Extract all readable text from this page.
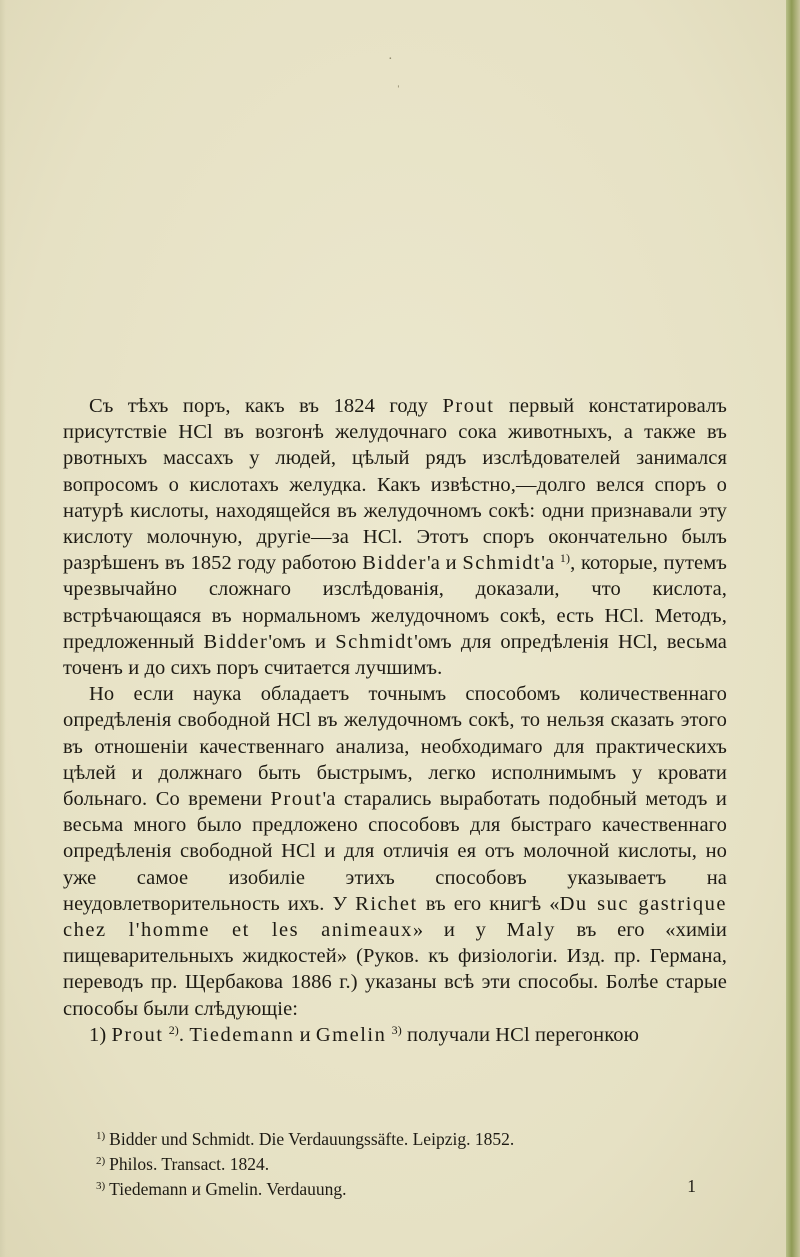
·
ˈ

Съ тѣхъ поръ, какъ въ 1824 году Prout первый констатировалъ присутствіе HCl въ возгонѣ желудочнаго сока животныхъ, а также въ рвотныхъ массахъ у людей, цѣлый рядъ изслѣдователей занимался вопросомъ о кислотахъ желудка. Какъ извѣстно,—долго велся споръ о натурѣ кислоты, находящейся въ желудочномъ сокѣ: одни признавали эту кислоту молочную, другіе—за HCl. Этотъ споръ окончательно былъ разрѣшенъ въ 1852 году работою Bidder'а и Schmidt'а $^{1)}$, которые, путемъ чрезвычайно сложнаго изслѣдованія, доказали, что кислота, встрѣчающаяся въ нормальномъ желудочномъ сокѣ, есть HCl. Методъ, предложенный Bidder'омъ и Schmidt'омъ для опредѣленія HCl, весьма точенъ и до сихъ поръ считается лучшимъ.

Но если наука обладаетъ точнымъ способомъ количественнаго опредѣленія свободной HCl въ желудочномъ сокѣ, то нельзя сказать этого въ отношеніи качественнаго анализа, необходимаго для практическихъ цѣлей и должнаго быть быстрымъ, легко исполнимымъ у кровати больнаго. Со времени Prout'а старались выработать подобный методъ и весьма много было предложено способовъ для быстраго качественнаго опредѣленія свободной HCl и для отличія ея отъ молочной кислоты, но уже самое изобиліе этихъ способовъ указываетъ на неудовлетворительность ихъ. У Richet въ его книгѣ «Du suc gastrique chez l'homme et les animeaux» и у Maly въ его «химіи пищеварительныхъ жидкостей» (Руков. къ физіологіи. Изд. пр. Германа, переводъ пр. Щербакова 1886 г.) указаны всѣ эти способы. Болѣе старые способы были слѣдующіе:

1) Prout $^{2)}$. Tiedemann и Gmelin $^{3)}$ получали HCl перегонкою

$^{1)}$ Bidder und Schmidt. Die Verdauungssäfte. Leipzig. 1852.
$^{2)}$ Philos. Transact. 1824.
$^{3)}$ Tiedemann и Gmelin. Verdauung.	1
